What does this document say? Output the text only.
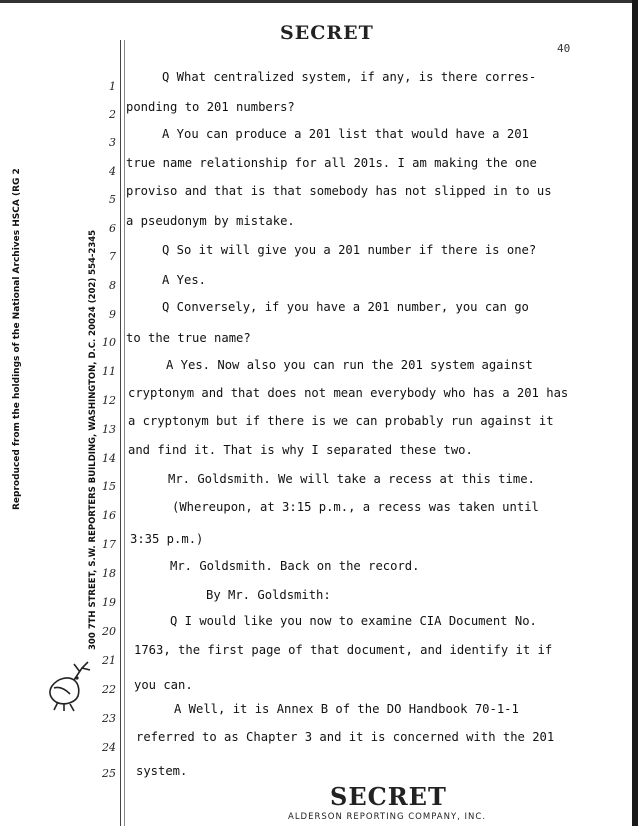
Reproduced from the holdings of the National Archives HSCA (RG 2	300 7TH STREET, S.W. REPORTERS BUILDING, WASHINGTON, D.C. 20024 (202) 554-2345
SECRET
40
1
2
3
4
5
6
7
8
9
10
11
12
13
14
15
16
17
18
19
20
21
22
23
24
25
Q What centralized system, if any, is there corres-
ponding to 201 numbers?
A You can produce a 201 list that would have a 201
true name relationship for all 201s. I am making the one
proviso and that is that somebody has not slipped in to us
a pseudonym by mistake.
Q So it will give you a 201 number if there is one?
A Yes.
Q Conversely, if you have a 201 number, you can go
to the true name?
A Yes. Now also you can run the 201 system against
cryptonym and that does not mean everybody who has a 201 has
a cryptonym but if there is we can probably run against it
and find it. That is why I separated these two.
Mr. Goldsmith. We will take a recess at this time.
(Whereupon, at 3:15 p.m., a recess was taken until
3:35 p.m.)
Mr. Goldsmith. Back on the record.
By Mr. Goldsmith:
Q I would like you now to examine CIA Document No.
1763, the first page of that document, and identify it if
you can.
A Well, it is Annex B of the DO Handbook 70-1-1
referred to as Chapter 3 and it is concerned with the 201
system.
SECRET
ALDERSON REPORTING COMPANY, INC.
